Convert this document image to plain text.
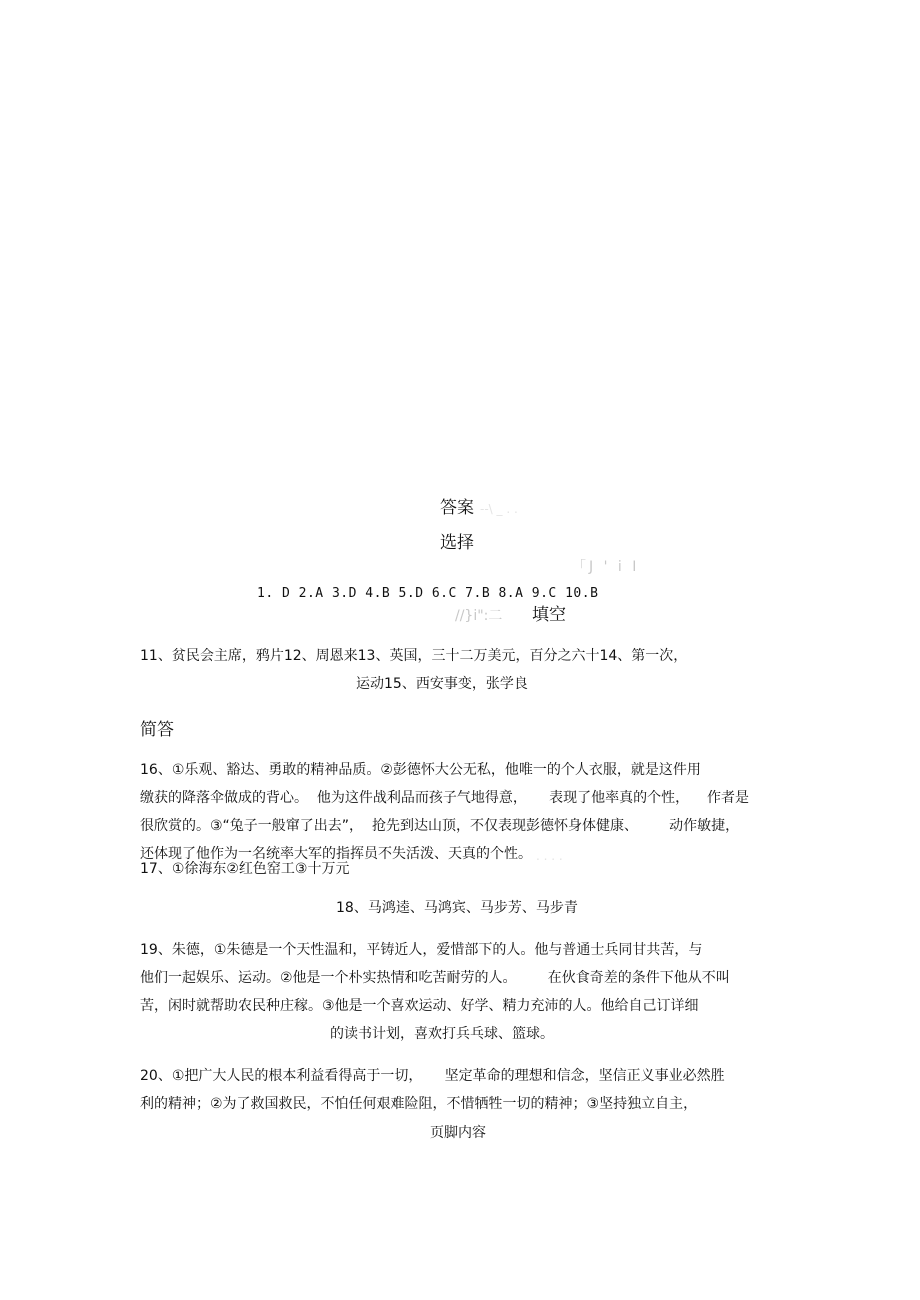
答案 --\ _ . .
选择
「J ' i I
1. D 2.A 3.D 4.B 5.D 6.C 7.B 8.A 9.C 10.B
//}i":二 填空
11、贫民会主席，鸦片12、周恩来13、英国，三十二万美元，百分之六十14、第一次，
运动15、西安事变，张学良
简答
16、①乐观、豁达、勇敢的精神品质。②彭德怀大公无私，他唯一的个人衣服，就是这件用
缴获的降落伞做成的背心。  他为这件战利品而孩子气地得意，     表现了他率真的个性，    作者是
很欣赏的。③“兔子一般窜了出去”，  抢先到达山顶，不仅表现彭德怀身体健康、       动作敏捷，
还体现了他作为一名统率大军的指挥员不失活泼、天真的个性。 . . . .
17、①徐海东②红色窑工③十万元
18、马鸿逵、马鸿宾、马步芳、马步青
19、朱德，①朱德是一个天性温和，平铸近人，爱惜部下的人。他与普通士兵同甘共苦，与
他们一起娱乐、运动。②他是一个朴实热情和吃苦耐劳的人。       在伙食奇差的条件下他从不叫
苦，闲时就帮助农民种庄稼。③他是一个喜欢运动、好学、精力充沛的人。他给自己订详细
的读书计划，喜欢打兵乓球、篮球。
20、①把广大人民的根本利益看得高于一切，     坚定革命的理想和信念，坚信正义事业必然胜
利的精神；②为了救国救民，不怕任何艰难险阻，不惜牺牲一切的精神；③坚持独立自主，
页脚内容
